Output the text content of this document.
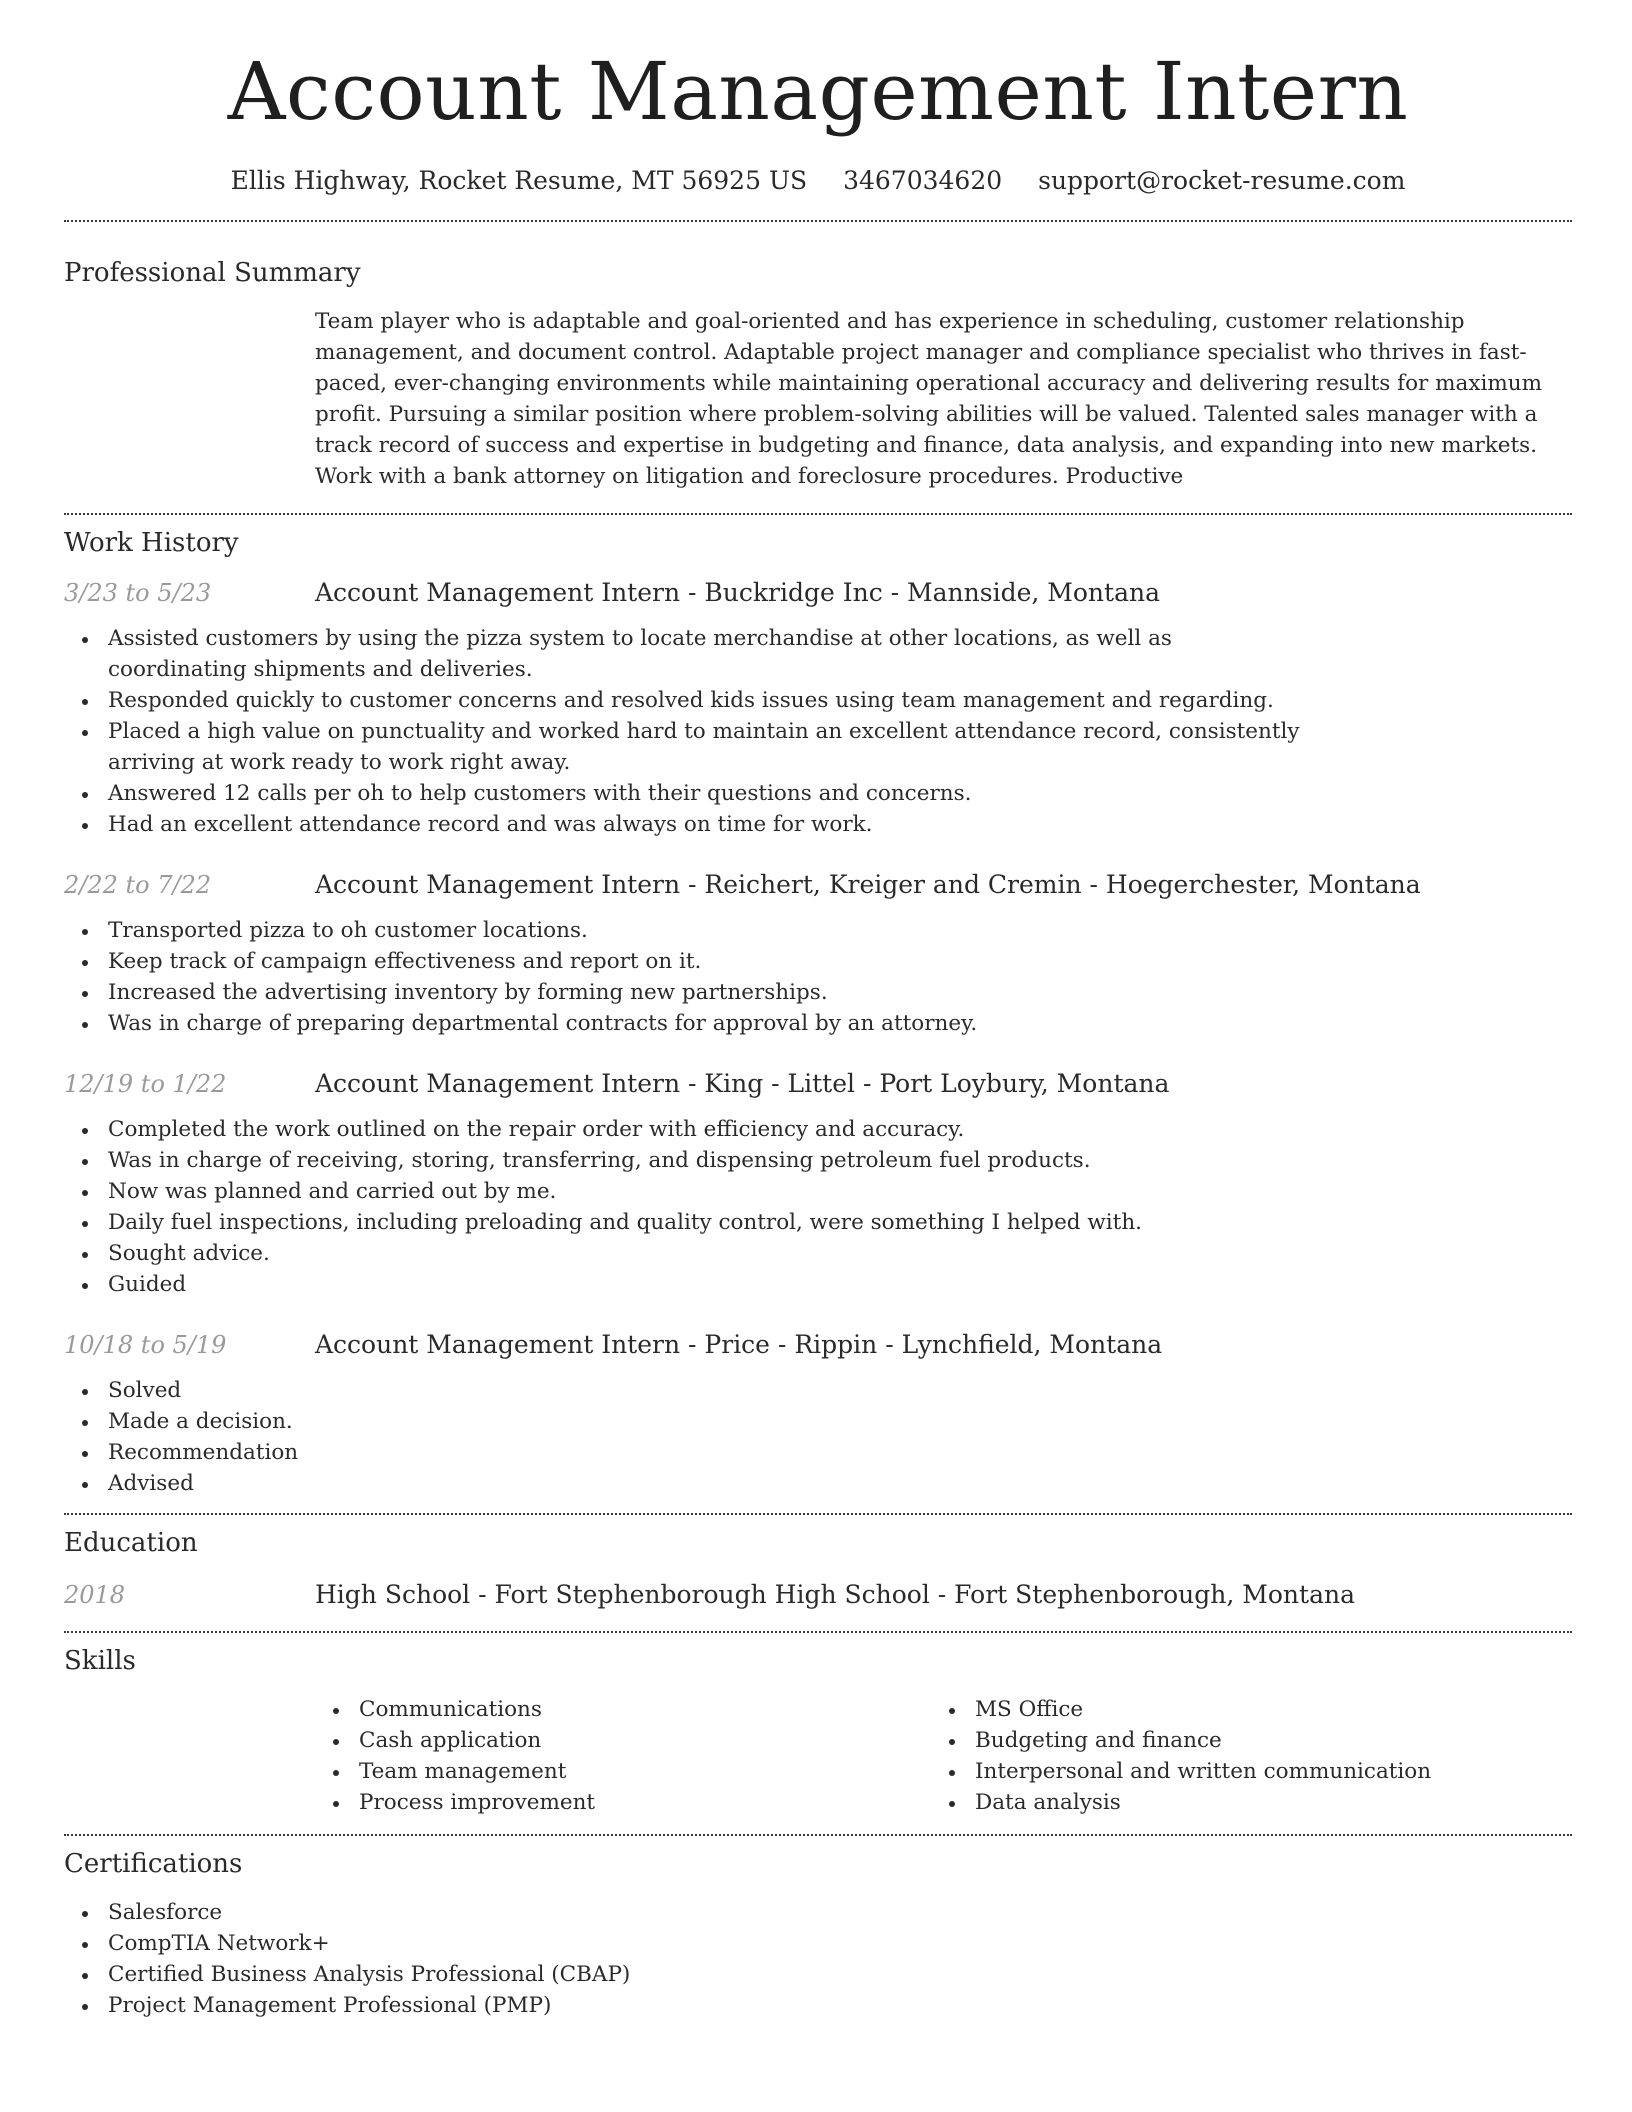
Account Management Intern
Ellis Highway, Rocket Resume, MT 56925 US 3467034620 support@rocket-resume.com
Professional Summary

Team player who is adaptable and goal-oriented and has experience in scheduling, customer relationship management, and document control. Adaptable project manager and compliance specialist who thrives in fast-paced, ever-changing environments while maintaining operational accuracy and delivering results for maximum profit. Pursuing a similar position where problem-solving abilities will be valued. Talented sales manager with a track record of success and expertise in budgeting and finance, data analysis, and expanding into new markets. Work with a bank attorney on litigation and foreclosure procedures. Productive

Work History
3/23 to 5/23	Account Management Intern - Buckridge Inc - Mannside, Montana
Assisted customers by using the pizza system to locate merchandise at other locations, as well as coordinating shipments and deliveries.
Responded quickly to customer concerns and resolved kids issues using team management and regarding.
Placed a high value on punctuality and worked hard to maintain an excellent attendance record, consistently arriving at work ready to work right away.
Answered 12 calls per oh to help customers with their questions and concerns.
Had an excellent attendance record and was always on time for work.
2/22 to 7/22	Account Management Intern - Reichert, Kreiger and Cremin - Hoegerchester, Montana
Transported pizza to oh customer locations.
Keep track of campaign effectiveness and report on it.
Increased the advertising inventory by forming new partnerships.
Was in charge of preparing departmental contracts for approval by an attorney.
12/19 to 1/22	Account Management Intern - King - Littel - Port Loybury, Montana
Completed the work outlined on the repair order with efficiency and accuracy.
Was in charge of receiving, storing, transferring, and dispensing petroleum fuel products.
Now was planned and carried out by me.
Daily fuel inspections, including preloading and quality control, were something I helped with.
Sought advice.
Guided
10/18 to 5/19	Account Management Intern - Price - Rippin - Lynchfield, Montana
Solved
Made a decision.
Recommendation
Advised
Education
2018	High School - Fort Stephenborough High School - Fort Stephenborough, Montana
Skills
Communications
Cash application
Team management
Process improvement
MS Office
Budgeting and finance
Interpersonal and written communication
Data analysis
Certifications
Salesforce
CompTIA Network+
Certified Business Analysis Professional (CBAP)
Project Management Professional (PMP)
